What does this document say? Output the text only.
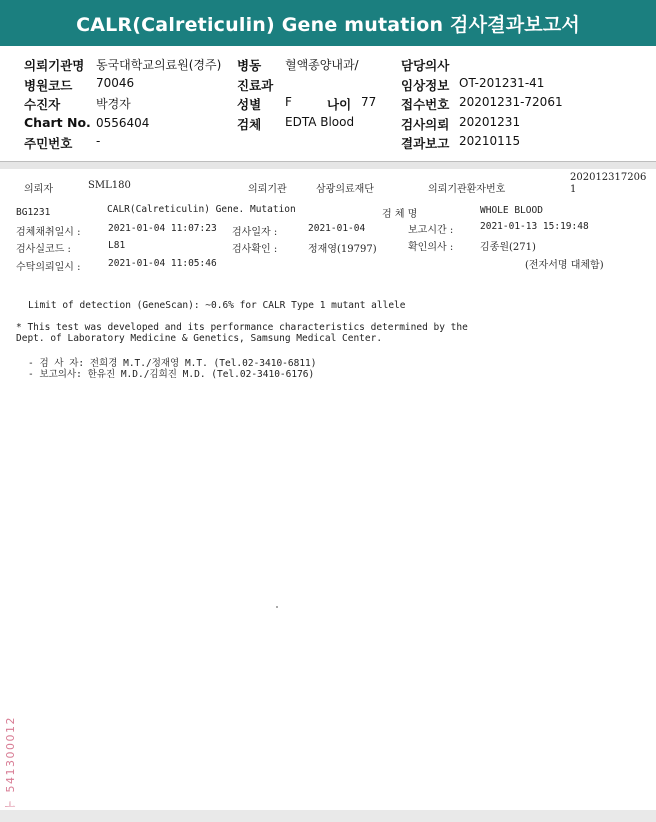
CALR(Calreticulin) Gene mutation 검사결과보고서
의뢰기관명 동국대학교의료원(경주)
병원코드 70046
수진자	박경자
Chart No. 0556404
주민번호 -
병동 혈액종양내과/
진료과
성별 F	나이 77
검체 EDTA Blood
담당의사
임상정보 OT-201231-41
접수번호 20201231-72061
검사의뢰 20201231
결과보고 20210115
의뢰자	SML180	의뢰기관	삼광의료재단	의뢰기관환자번호
202012317206
1
BG1231	CALR(Calreticulin) Gene. Mutation	검 체 명	WHOLE BLOOD
검체채취일시 :	2021-01-04 11:07:23 검사일자 :	2021-01-04	보고시간 :	2021-01-13 15:19:48
검사실코드 :	L81	검사확인 :	정재영(19797)	확인의사 :	김종원(271)
수탁의뢰일시 :	2021-01-04 11:05:46	(전자서명 대체함)
Limit of detection (GeneScan): ~0.6% for CALR Type 1 mutant allele
* This test was developed and its performance characteristics determined by the
Dept. of Laboratory Medicine & Genetics, Samsung Medical Center.
- 검 사 자: 전희경 M.T./정재영 M.T. (Tel.02-3410-6811)
- 보고의사: 한유진 M.D./김희진 M.D. (Tel.02-3410-6176)
ㅜ 541300012
